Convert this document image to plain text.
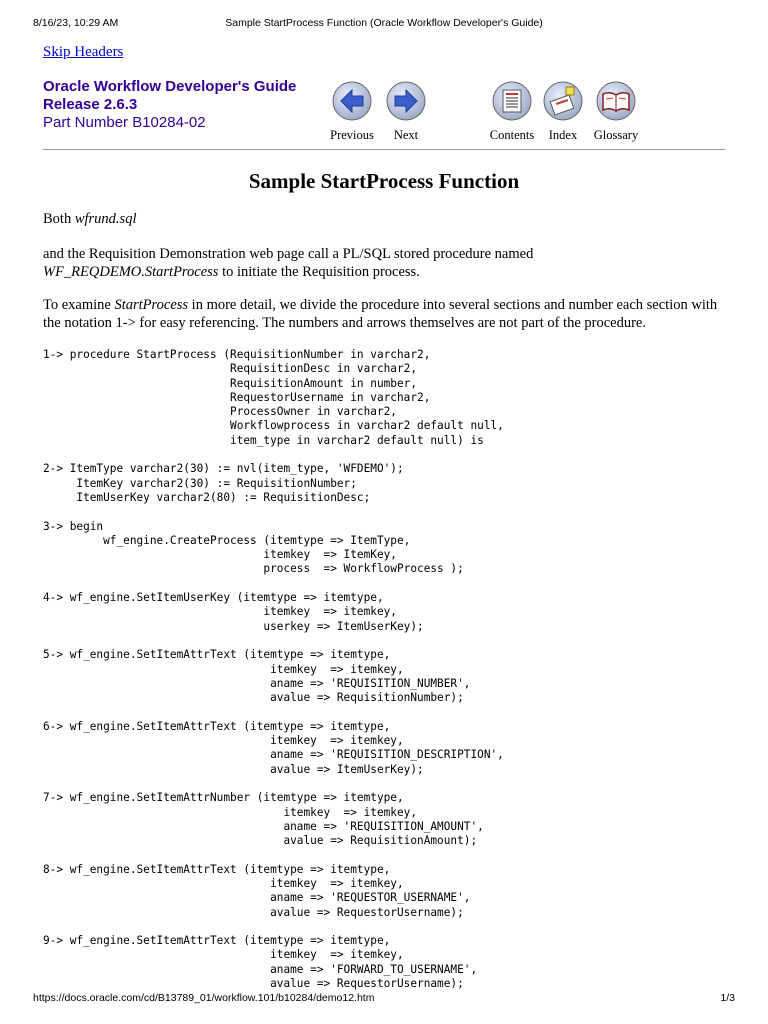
8/16/23, 10:29 AM	Sample StartProcess Function (Oracle Workflow Developer's Guide)
Skip Headers
Oracle Workflow Developer's Guide
Release 2.6.3
Part Number B10284-02
Previous	Next	Contents	Index	Glossary
Sample StartProcess Function

Both wfrund.sql

and the Requisition Demonstration web page call a PL/SQL stored procedure named
WF_REQDEMO.StartProcess to initiate the Requisition process.

To examine StartProcess in more detail, we divide the procedure into several sections and number each section with the notation 1-> for easy referencing. The numbers and arrows themselves are not part of the procedure.

1-> procedure StartProcess (RequisitionNumber in varchar2,
RequisitionDesc in varchar2,
RequisitionAmount in number,
RequestorUsername in varchar2,
ProcessOwner in varchar2,
Workflowprocess in varchar2 default null,
item_type in varchar2 default null) is

2-> ItemType varchar2(30) := nvl(item_type, 'WFDEMO');
ItemKey varchar2(30) := RequisitionNumber;
ItemUserKey varchar2(80) := RequisitionDesc;

3-> begin
wf_engine.CreateProcess (itemtype => ItemType,
itemkey  => ItemKey,
process  => WorkflowProcess );

4-> wf_engine.SetItemUserKey (itemtype => itemtype,
itemkey  => itemkey,
userkey => ItemUserKey);

5-> wf_engine.SetItemAttrText (itemtype => itemtype,
itemkey  => itemkey,
aname => 'REQUISITION_NUMBER',
avalue => RequisitionNumber);

6-> wf_engine.SetItemAttrText (itemtype => itemtype,
itemkey  => itemkey,
aname => 'REQUISITION_DESCRIPTION',
avalue => ItemUserKey);

7-> wf_engine.SetItemAttrNumber (itemtype => itemtype,
itemkey  => itemkey,
aname => 'REQUISITION_AMOUNT',
avalue => RequisitionAmount);

8-> wf_engine.SetItemAttrText (itemtype => itemtype,
itemkey  => itemkey,
aname => 'REQUESTOR_USERNAME',
avalue => RequestorUsername);

9-> wf_engine.SetItemAttrText (itemtype => itemtype,
itemkey  => itemkey,
aname => 'FORWARD_TO_USERNAME',
avalue => RequestorUsername);
https://docs.oracle.com/cd/B13789_01/workflow.101/b10284/demo12.htm	1/3
